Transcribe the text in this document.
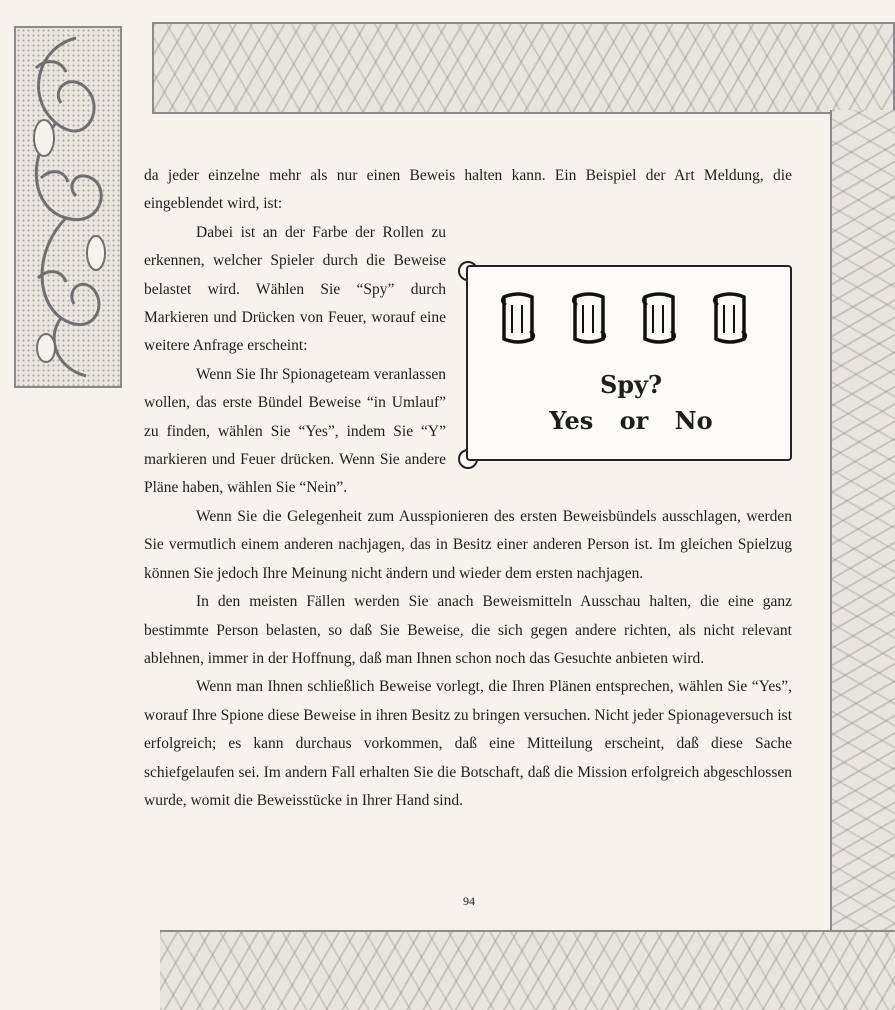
da jeder einzelne mehr als nur einen Beweis halten kann. Ein Beispiel der Art Meldung, die eingeblendet wird, ist:

Spy?
Yes or No

Dabei ist an der Farbe der Rollen zu erkennen, welcher Spieler durch die Beweise belastet wird. Wählen Sie “Spy” durch Markieren und Drücken von Feuer, worauf eine weitere Anfrage erscheint:

Wenn Sie Ihr Spionageteam veranlassen wollen, das erste Bündel Beweise “in Umlauf” zu finden, wählen Sie “Yes”, indem Sie “Y” markieren und Feuer drücken. Wenn Sie andere Pläne haben, wählen Sie “Nein”.

Wenn Sie die Gelegenheit zum Ausspionieren des ersten Beweisbündels ausschlagen, werden Sie vermutlich einem anderen nachjagen, das in Besitz einer anderen Person ist. Im gleichen Spielzug können Sie jedoch Ihre Meinung nicht ändern und wieder dem ersten nachjagen.

In den meisten Fällen werden Sie anach Beweismitteln Ausschau halten, die eine ganz bestimmte Person belasten, so daß Sie Beweise, die sich gegen andere richten, als nicht relevant ablehnen, immer in der Hoffnung, daß man Ihnen schon noch das Gesuchte anbieten wird.

Wenn man Ihnen schließlich Beweise vorlegt, die Ihren Plänen entsprechen, wählen Sie “Yes”, worauf Ihre Spione diese Beweise in ihren Besitz zu bringen versuchen. Nicht jeder Spionageversuch ist erfolgreich; es kann durchaus vorkommen, daß eine Mitteilung erscheint, daß diese Sache schiefgelaufen sei. Im andern Fall erhalten Sie die Botschaft, daß die Mission erfolgreich abgeschlossen wurde, womit die Beweisstücke in Ihrer Hand sind.

94
